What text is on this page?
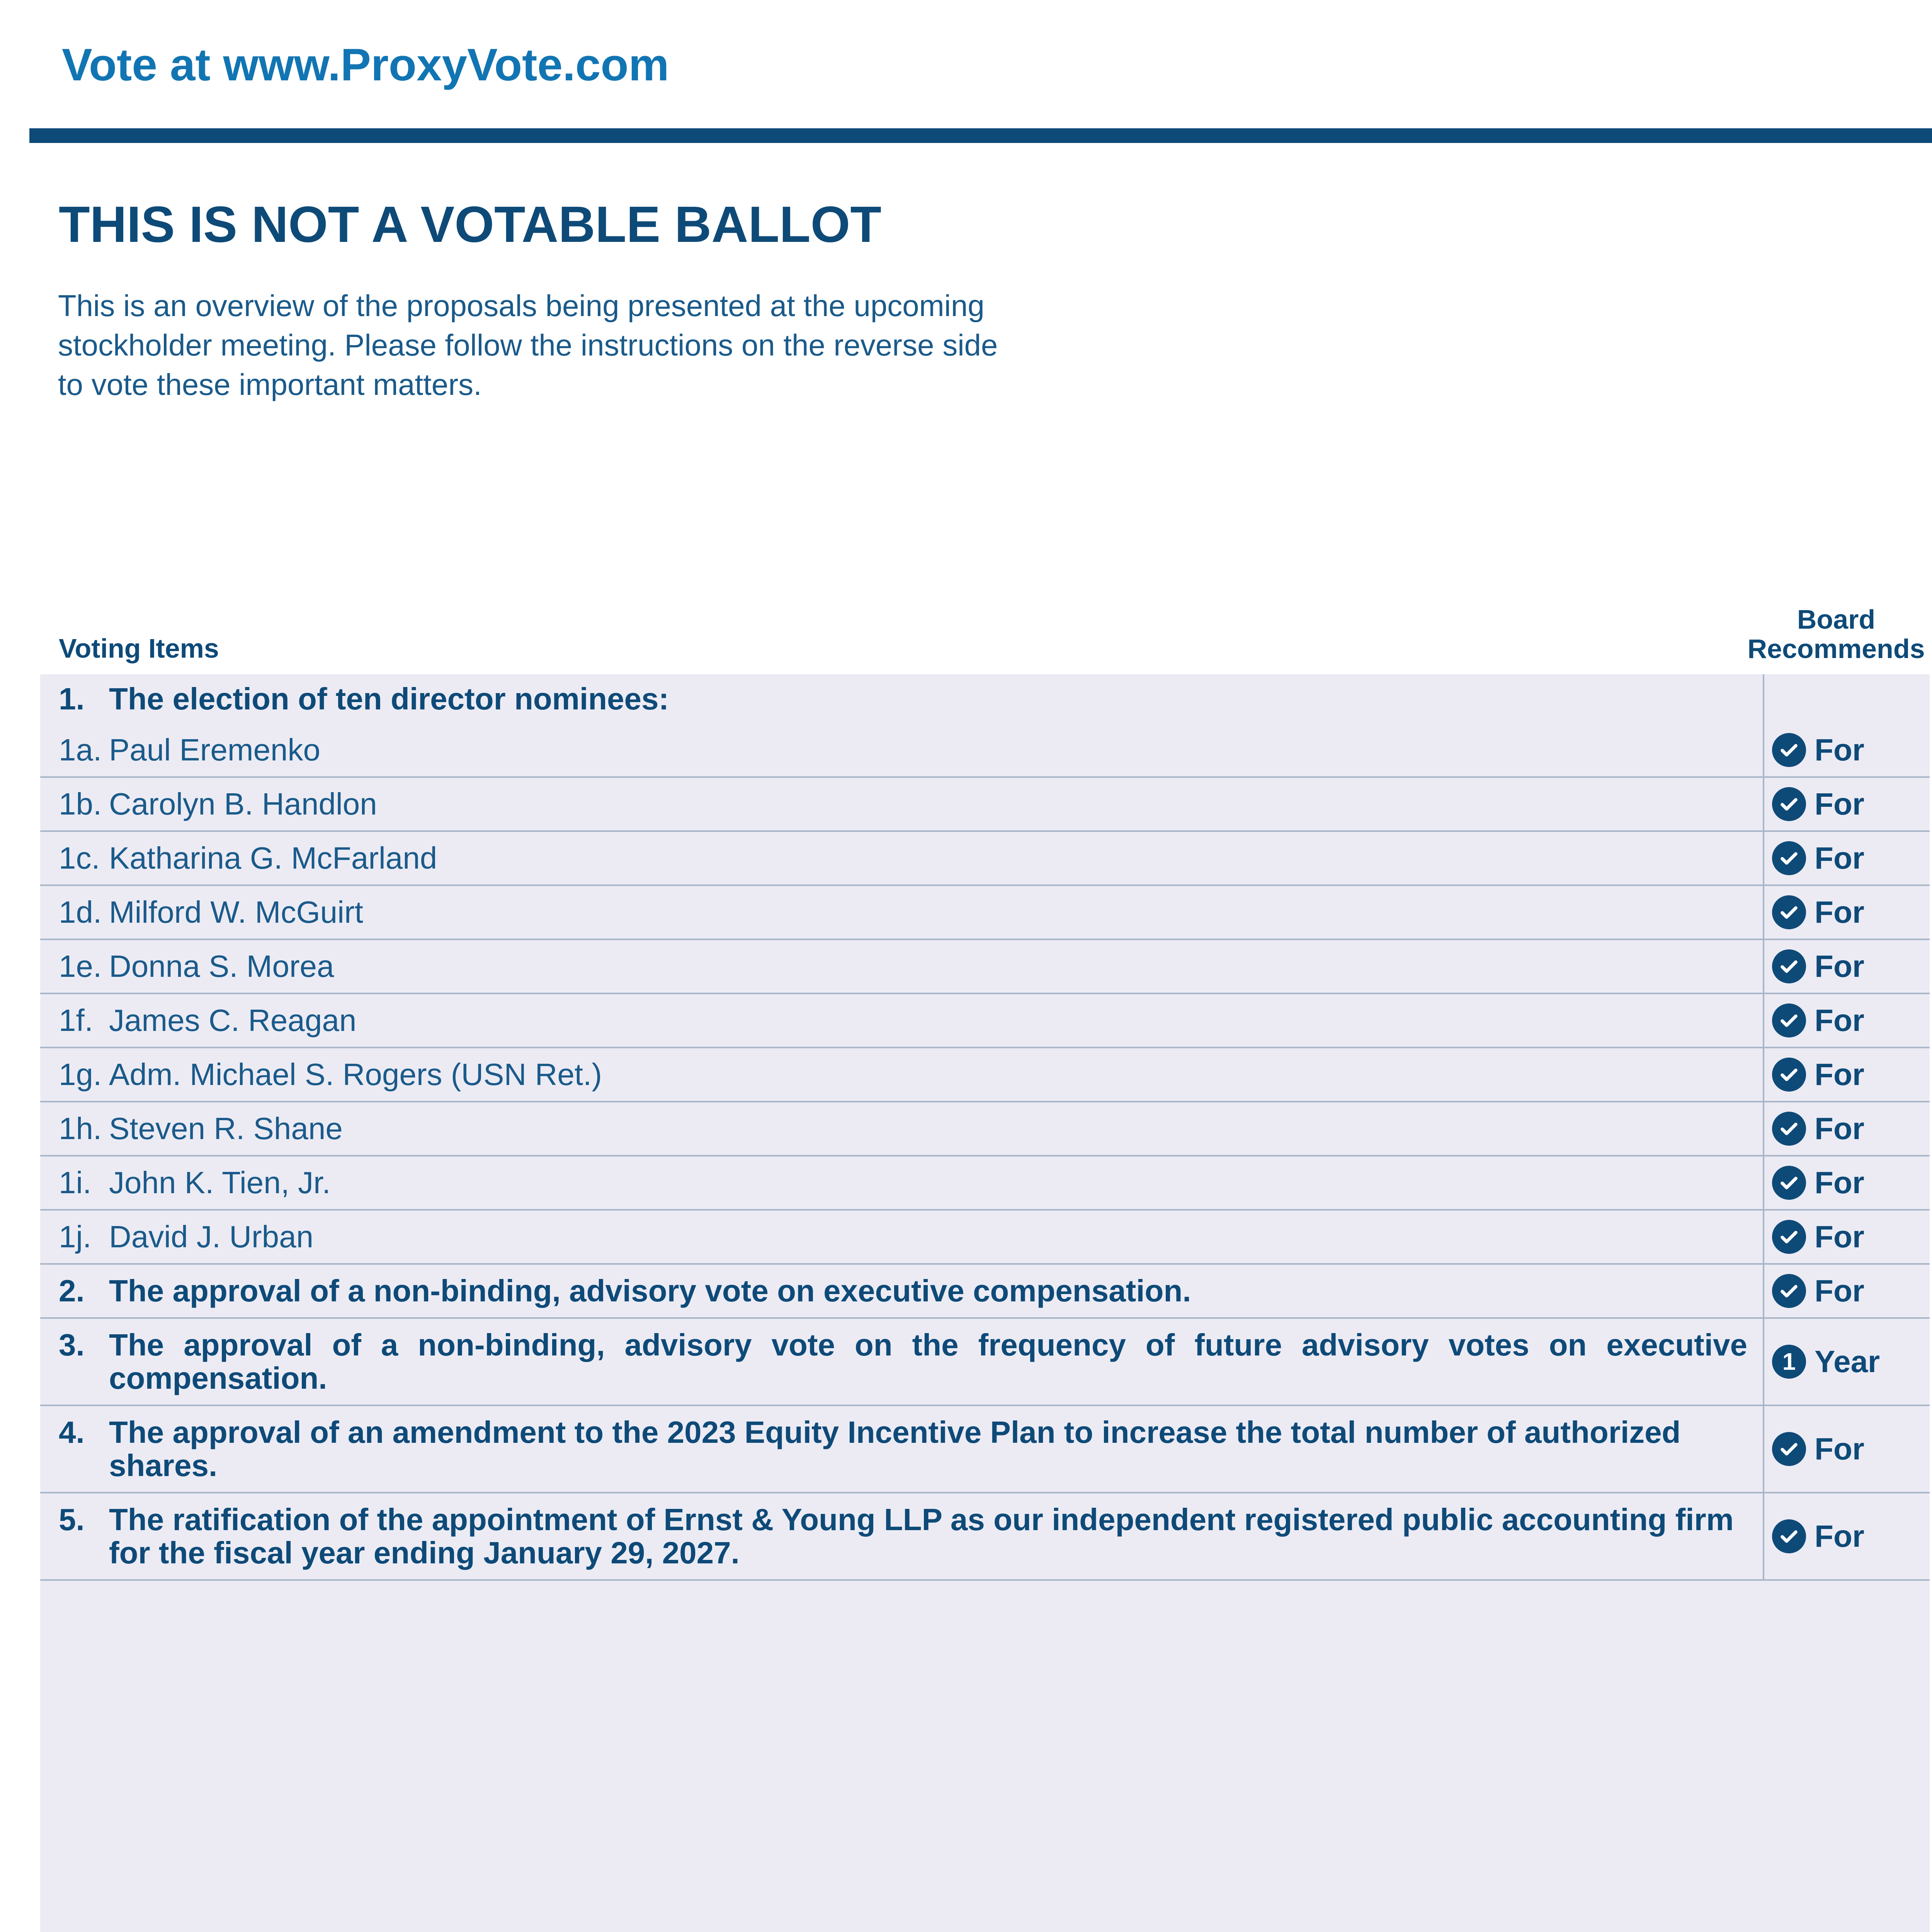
Vote at www.ProxyVote.com
THIS IS NOT A VOTABLE BALLOT
This is an overview of the proposals being presented at the upcoming stockholder meeting. Please follow the instructions on the reverse side to vote these important matters.
Voting Items
Board
Recommends
1. The election of ten director nominees:
1a. Paul Eremenko	For
1b. Carolyn B. Handlon	For
1c. Katharina G. McFarland	For
1d. Milford W. McGuirt	For
1e. Donna S. Morea	For
1f. James C. Reagan	For
1g. Adm. Michael S. Rogers (USN Ret.)	For
1h. Steven R. Shane	For
1i. John K. Tien, Jr.	For
1j. David J. Urban	For
2. The approval of a non-binding, advisory vote on executive compensation.	For
3. The approval of a non-binding, advisory vote on the frequency of future advisory votes on executive compensation.	1 Year
4. The approval of an amendment to the 2023 Equity Incentive Plan to increase the total number of authorized shares.	For
5. The ratification of the appointment of Ernst & Young LLP as our independent registered public accounting firm for the fiscal year ending January 29, 2027.	For
